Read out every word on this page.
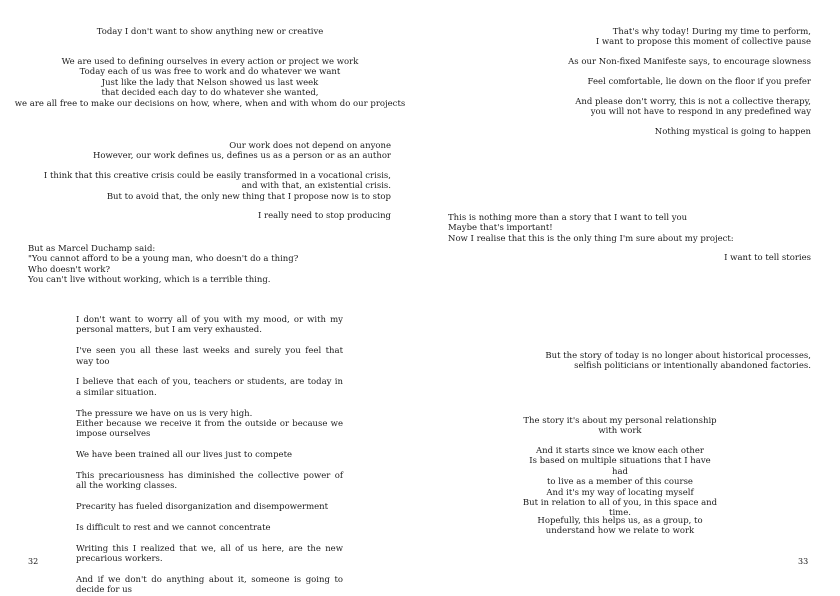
Today I don't want to show anything new or creative

We are used to defining ourselves in every action or project we work

Today each of us was free to work and do whatever we want

Just like the lady that Nelson showed us last week

that decided each day to do whatever she wanted,

we are all free to make our decisions on how, where, when and with whom do our projects

Our work does not depend on anyone

However, our work defines us, defines us as a person or as an author

I think that this creative crisis could be easily transformed in a vocational crisis,

and with that, an existential crisis.

But to avoid that, the only new thing that I propose now is to stop

I really need to stop producing

But as Marcel Duchamp said:

"You cannot afford to be a young man, who doesn't do a thing?

Who doesn't work?

You can't live without working, which is a terrible thing.

I don't want to worry all of you with my mood, or with my personal matters, but I am very exhausted.

I've seen you all these last weeks and surely you feel that way too

I believe that each of you, teachers or students, are today in a similar situation.

The pressure we have on us is very high.

Either because we receive it from the outside or because we impose ourselves

We have been trained all our lives just to compete

This precariousness has diminished the collective power of all the working classes.

Precarity has fueled disorganization and disempowerment

Is difficult to rest and we cannot concentrate

Writing this I realized that we, all of us here, are the new precarious workers.

And if we don't do anything about it, someone is going to decide for us

32

That's why today! During my time to perform,

I want to propose this moment of collective pause

As our Non-fixed Manifeste says, to encourage slowness

Feel comfortable, lie down on the floor if you prefer

And please don't worry, this is not a collective therapy,

you will not have to respond in any predefined way

Nothing mystical is going to happen

This is nothing more than a story that I want to tell you

Maybe that's important!

Now I realise that this is the only thing I'm sure about my project:

I want to tell stories

But the story of today is no longer about historical processes,

selfish politicians or intentionally abandoned factories.

The story it's about my personal relationship

with work

And it starts since we know each other

Is based on multiple situations that I have had

to live as a member of this course

And it's my way of locating myself

But in relation to all of you, in this space and

time.

Hopefully, this helps us, as a group, to

understand how we relate to work

33
